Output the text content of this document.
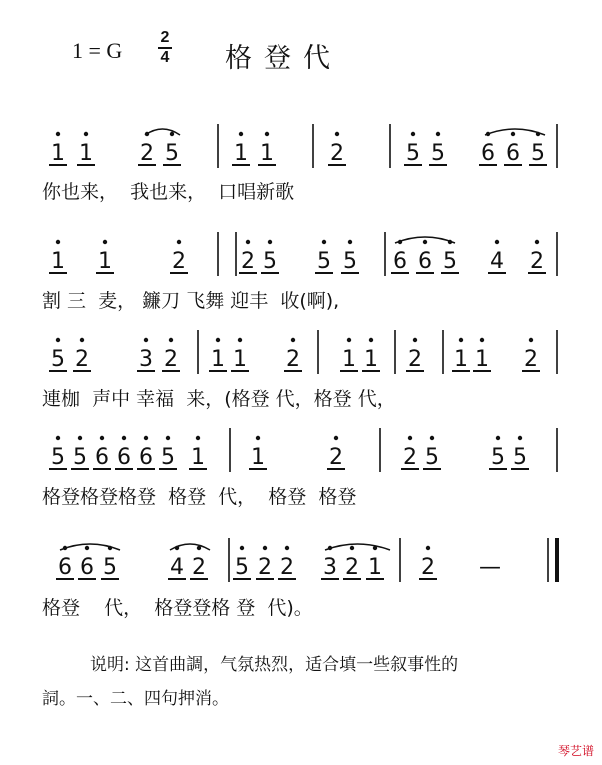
1 = G
2
4 格登代
1 1 2 5	1 1	2	5 5 6 6 5
1 1	2	2 5 5 5 6 6 5 4 2
5 2 3 2 1 1 2 1 1 2 1 1 2
5 5 6 6 6 5 1 1	2	2 5 5 5
6 6 5 4 2 5 2 2 3 2 1 2 —
你也来，  我也来，  口唱新歌
割 三  麦， 鐮刀 飞舞 迎丰  收(啊),
連枷  声中 幸福  来，(格登 代，格登 代，
格登格登格登  格登  代，  格登  格登
格登    代，  格登登格 登  代)。
说明: 这首曲調，气氛热烈，适合填一些叙事性的
詞。一、二、四句押消。
琴艺谱
